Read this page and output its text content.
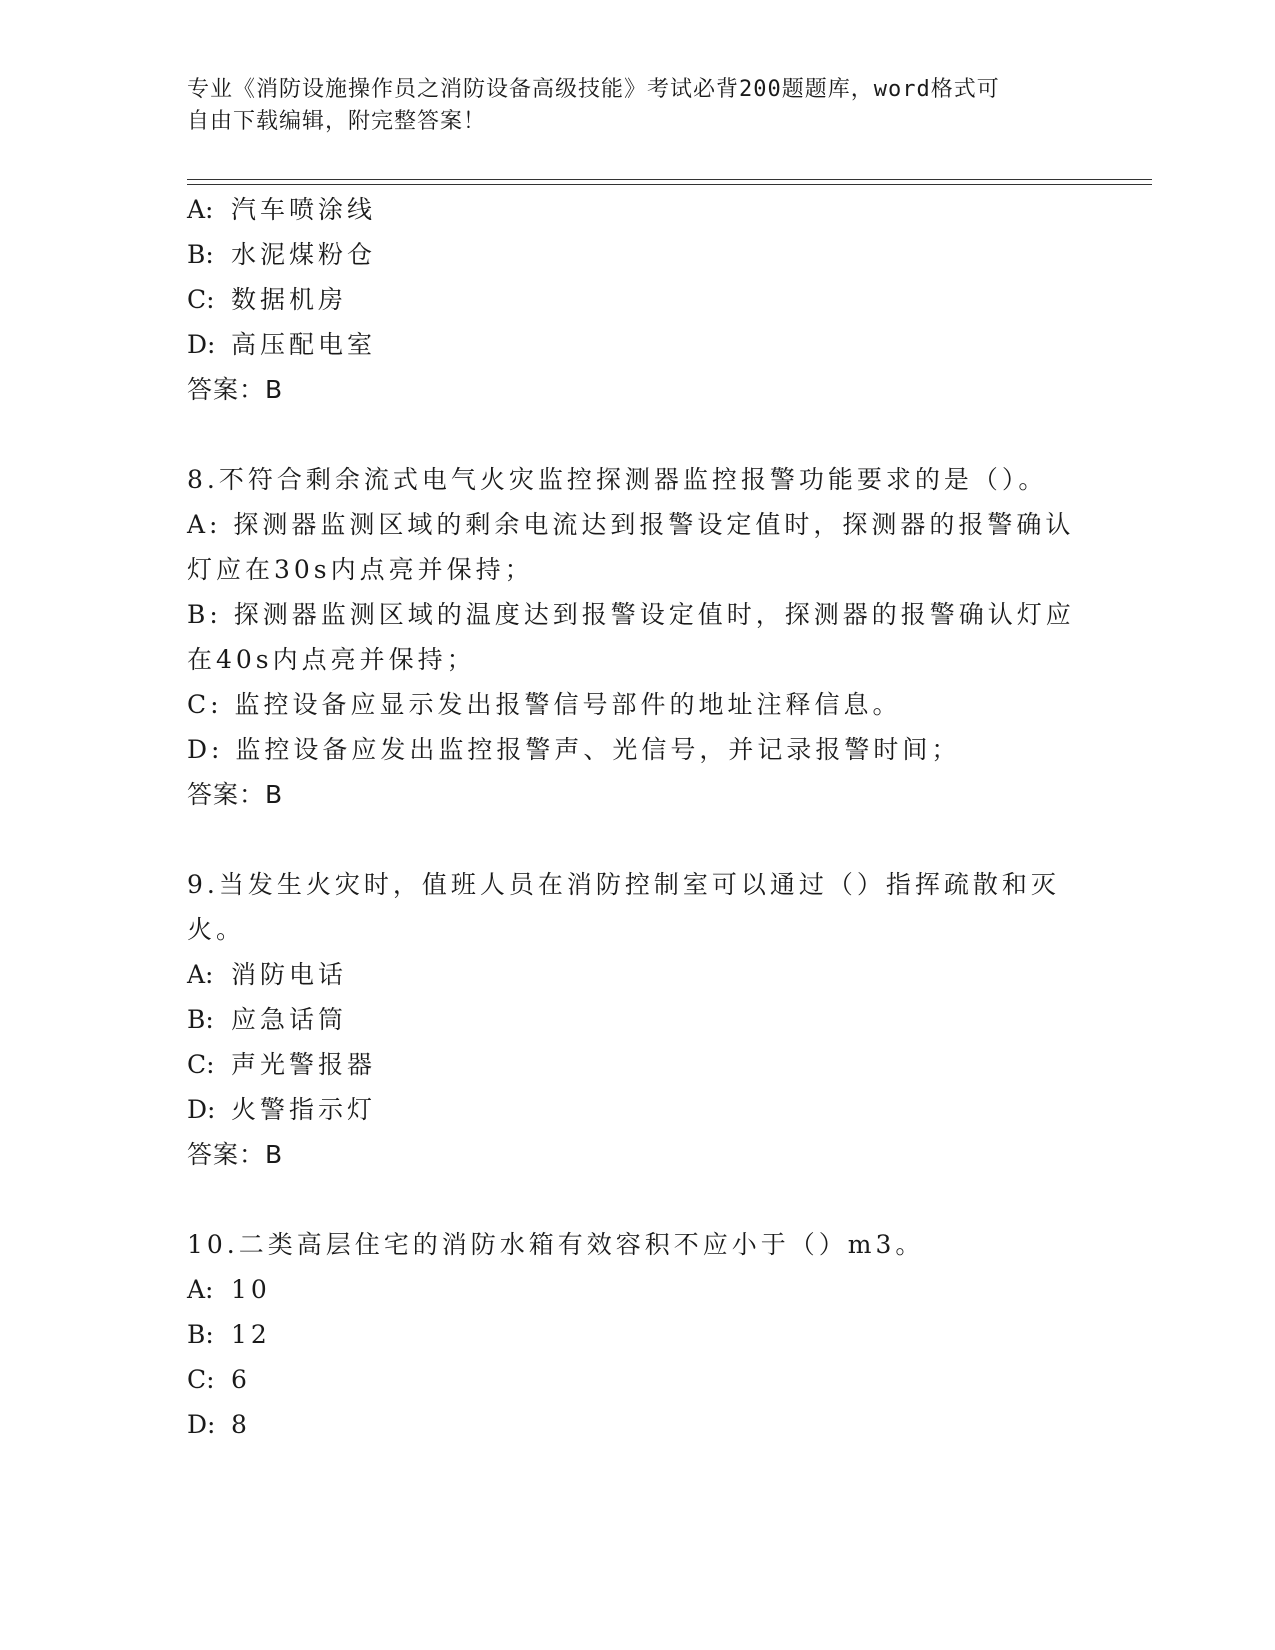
专业《消防设施操作员之消防设备高级技能》考试必背200题题库，word格式可
自由下载编辑，附完整答案！
A: 汽车喷涂线
B: 水泥煤粉仓
C: 数据机房
D: 高压配电室
答案：B
8.不符合剩余流式电气火灾监控探测器监控报警功能要求的是（）。
A: 探测器监测区域的剩余电流达到报警设定值时，探测器的报警确认
灯应在30s内点亮并保持；
B: 探测器监测区域的温度达到报警设定值时，探测器的报警确认灯应
在40s内点亮并保持；
C: 监控设备应显示发出报警信号部件的地址注释信息。
D: 监控设备应发出监控报警声、光信号，并记录报警时间；
答案：B
9.当发生火灾时，值班人员在消防控制室可以通过（）指挥疏散和灭
火。
A: 消防电话
B: 应急话筒
C: 声光警报器
D: 火警指示灯
答案：B
10.二类高层住宅的消防水箱有效容积不应小于（）m3。
A: 10
B: 12
C: 6
D: 8
